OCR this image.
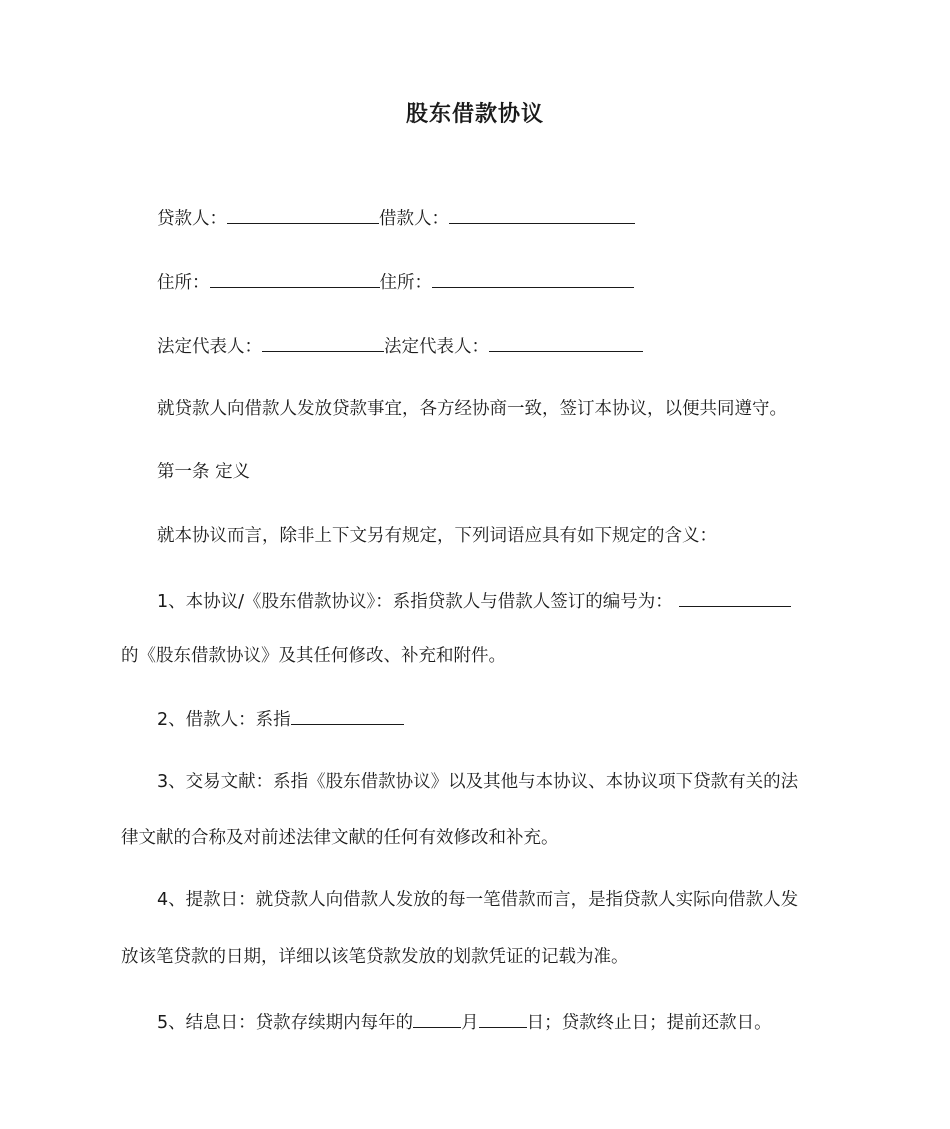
股东借款协议
贷款人：	借款人：
住所：	住所：
法定代表人：	法定代表人：
就贷款人向借款人发放贷款事宜，各方经协商一致，签订本协议，以便共同遵守。
第一条 定义
就本协议而言，除非上下文另有规定，下列词语应具有如下规定的含义：
1、本协议/《股东借款协议》：系指贷款人与借款人签订的编号为：
的《股东借款协议》及其任何修改、补充和附件。
2、借款人：系指
3、交易文献：系指《股东借款协议》以及其他与本协议、本协议项下贷款有关的法
律文献的合称及对前述法律文献的任何有效修改和补充。
4、提款日：就贷款人向借款人发放的每一笔借款而言，是指贷款人实际向借款人发
放该笔贷款的日期，详细以该笔贷款发放的划款凭证的记载为准。
5、结息日：贷款存续期内每年的	月	日；贷款终止日；提前还款日。
